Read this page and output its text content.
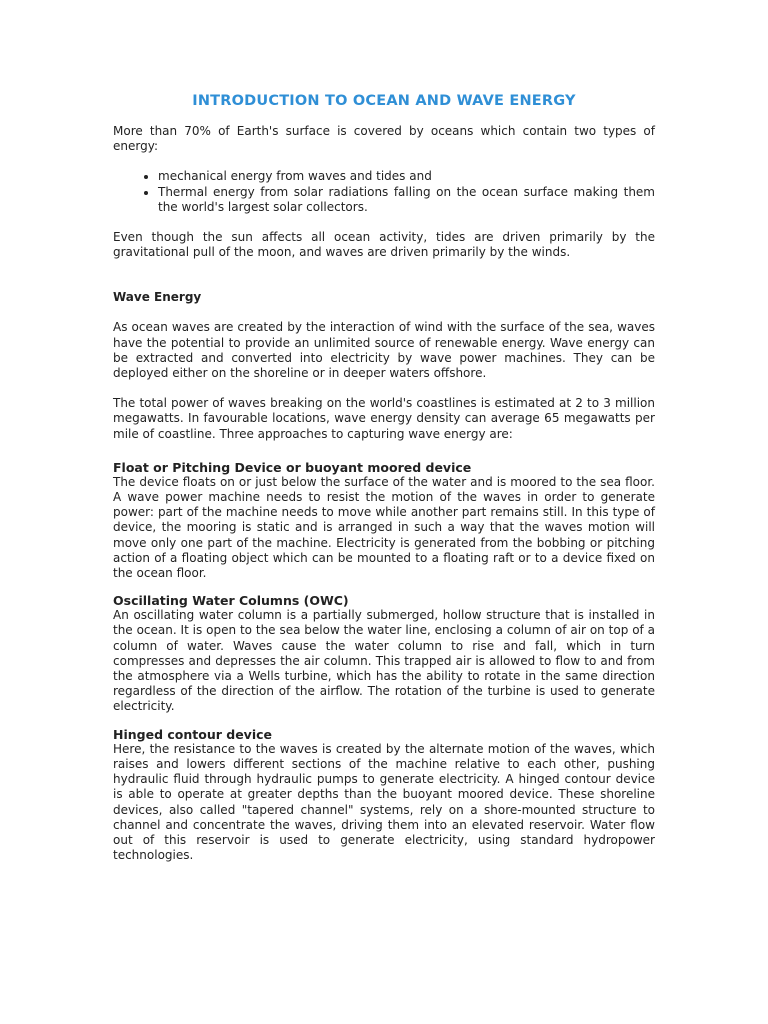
INTRODUCTION TO OCEAN AND WAVE ENERGY

More than 70% of Earth's surface is covered by oceans which contain two types of energy:

• mechanical energy from waves and tides and
• Thermal energy from solar radiations falling on the ocean surface making them the world's largest solar collectors.

Even though the sun affects all ocean activity, tides are driven primarily by the gravitational pull of the moon, and waves are driven primarily by the winds.

Wave Energy

As ocean waves are created by the interaction of wind with the surface of the sea, waves have the potential to provide an unlimited source of renewable energy. Wave energy can be extracted and converted into electricity by wave power machines. They can be deployed either on the shoreline or in deeper waters offshore.

The total power of waves breaking on the world's coastlines is estimated at 2 to 3 million megawatts. In favourable locations, wave energy density can average 65 megawatts per mile of coastline. Three approaches to capturing wave energy are:

Float or Pitching Device or buoyant moored device

The device floats on or just below the surface of the water and is moored to the sea floor. A wave power machine needs to resist the motion of the waves in order to generate power: part of the machine needs to move while another part remains still. In this type of device, the mooring is static and is arranged in such a way that the waves motion will move only one part of the machine. Electricity is generated from the bobbing or pitching action of a floating object which can be mounted to a floating raft or to a device fixed on the ocean floor.

Oscillating Water Columns (OWC)

An oscillating water column is a partially submerged, hollow structure that is installed in the ocean. It is open to the sea below the water line, enclosing a column of air on top of a column of water. Waves cause the water column to rise and fall, which in turn compresses and depresses the air column. This trapped air is allowed to flow to and from the atmosphere via a Wells turbine, which has the ability to rotate in the same direction regardless of the direction of the airflow. The rotation of the turbine is used to generate electricity.

Hinged contour device

Here, the resistance to the waves is created by the alternate motion of the waves, which raises and lowers different sections of the machine relative to each other, pushing hydraulic fluid through hydraulic pumps to generate electricity. A hinged contour device is able to operate at greater depths than the buoyant moored device. These shoreline devices, also called "tapered channel" systems, rely on a shore-mounted structure to channel and concentrate the waves, driving them into an elevated reservoir. Water flow out of this reservoir is used to generate electricity, using standard hydropower technologies.
